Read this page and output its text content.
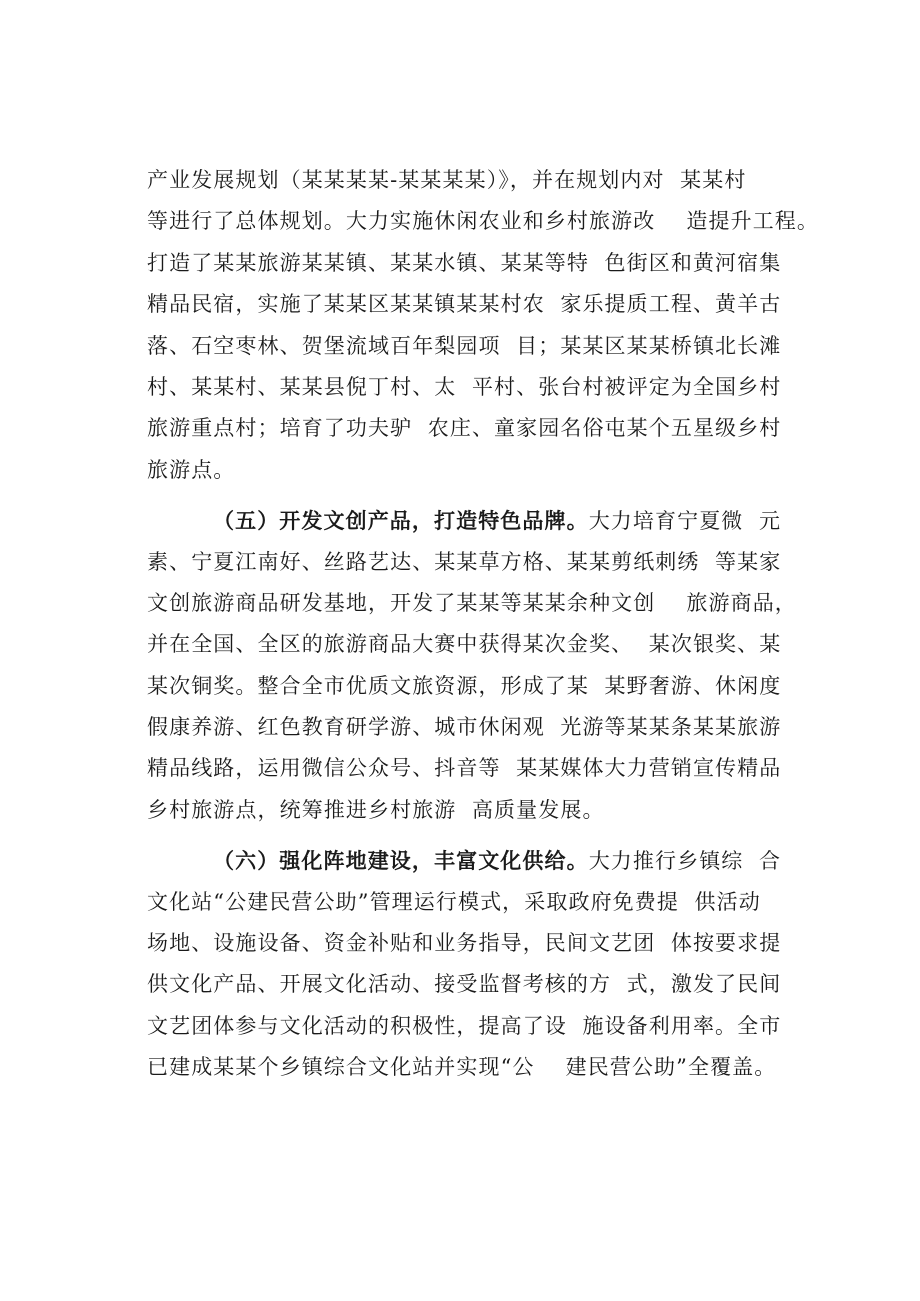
产业发展规划（某某某某-某某某某）》，并在规划内对  某某村
等进行了总体规划。大力实施休闲农业和乡村旅游改    造提升工程。
打造了某某旅游某某镇、某某水镇、某某等特  色街区和黄河宿集
精品民宿，实施了某某区某某镇某某村农  家乐提质工程、黄羊古
落、石空枣林、贺堡流域百年梨园项  目；某某区某某桥镇北长滩
村、某某村、某某县倪丁村、太  平村、张台村被评定为全国乡村
旅游重点村；培育了功夫驴  农庄、童家园名俗屯某个五星级乡村
旅游点。
（五）开发文创产品，打造特色品牌。大力培育宁夏微  元
素、宁夏江南好、丝路艺达、某某草方格、某某剪纸刺绣  等某家
文创旅游商品研发基地，开发了某某等某某余种文创    旅游商品，
并在全国、全区的旅游商品大赛中获得某次金奖、  某次银奖、某
某次铜奖。整合全市优质文旅资源，形成了某  某野奢游、休闲度
假康养游、红色教育研学游、城市休闲观  光游等某某条某某旅游
精品线路，运用微信公众号、抖音等  某某媒体大力营销宣传精品
乡村旅游点，统筹推进乡村旅游  高质量发展。
（六）强化阵地建设，丰富文化供给。大力推行乡镇综  合
文化站“公建民营公助”管理运行模式，采取政府免费提  供活动
场地、设施设备、资金补贴和业务指导，民间文艺团  体按要求提
供文化产品、开展文化活动、接受监督考核的方  式，激发了民间
文艺团体参与文化活动的积极性，提高了设  施设备利用率。全市
已建成某某个乡镇综合文化站并实现“公    建民营公助”全覆盖。
